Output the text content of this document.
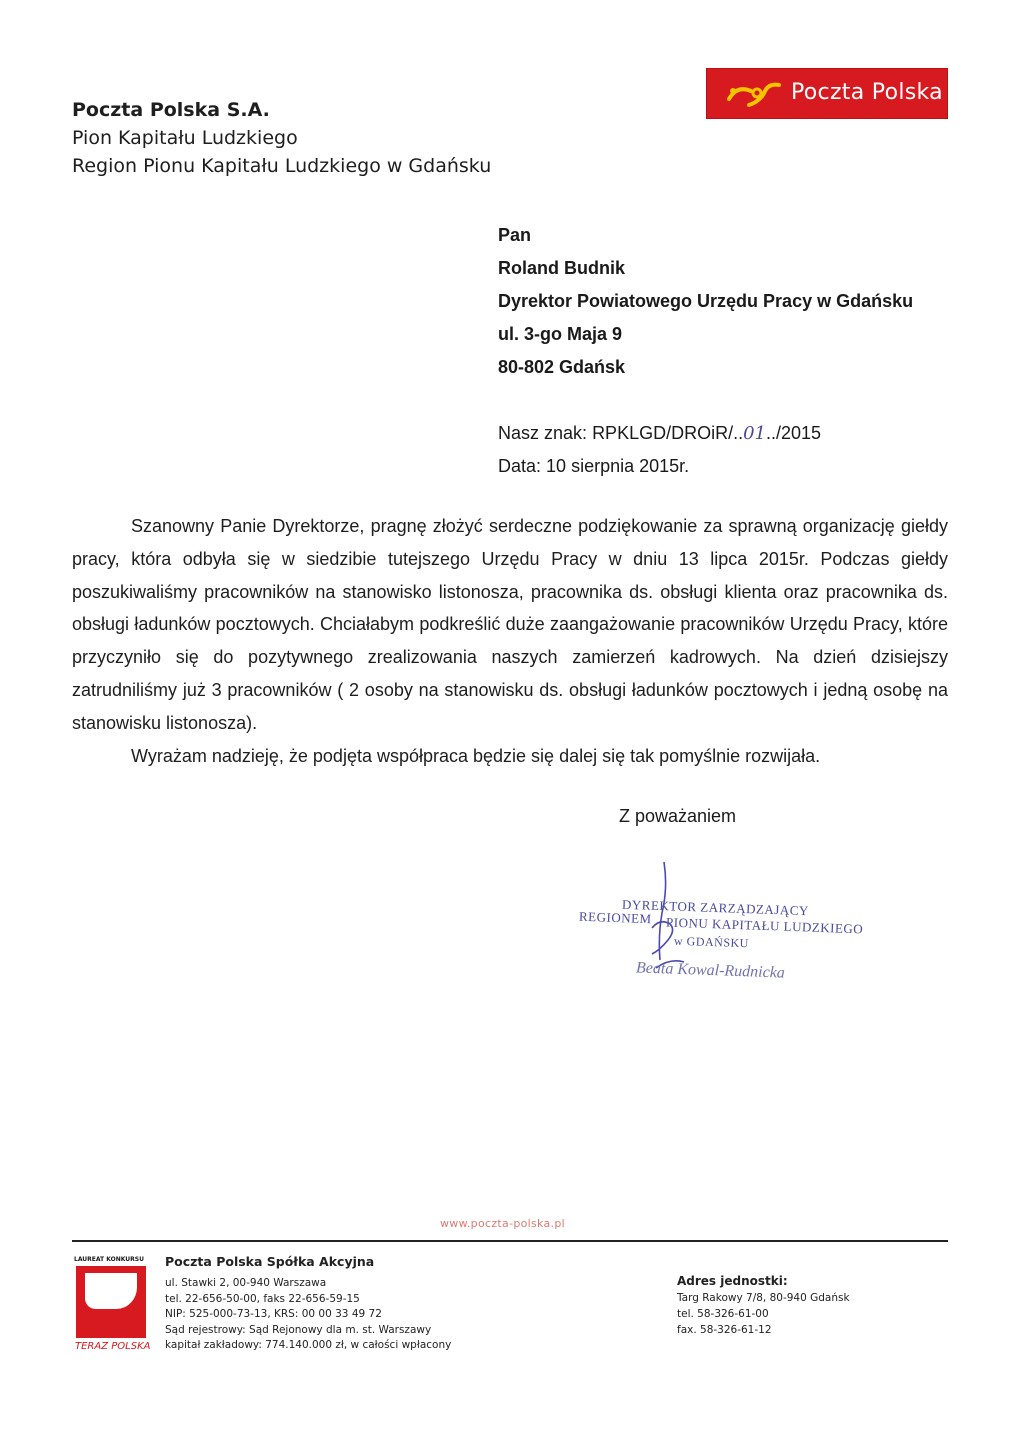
Poczta Polska S.A.
Pion Kapitału Ludzkiego
Region Pionu Kapitału Ludzkiego w Gdańsku
Poczta Polska
Pan
Roland Budnik
Dyrektor Powiatowego Urzędu Pracy w Gdańsku
ul. 3-go Maja 9
80-802 Gdańsk
Nasz znak: RPKLGD/DROiR/..01../2015
Data: 10 sierpnia 2015r.

Szanowny Panie Dyrektorze, pragnę złożyć serdeczne podziękowanie za sprawną organizację giełdy pracy, która odbyła się w siedzibie tutejszego Urzędu Pracy w dniu 13 lipca 2015r. Podczas giełdy poszukiwaliśmy pracowników na stanowisko listonosza, pracownika ds. obsługi klienta oraz pracownika ds. obsługi ładunków pocztowych. Chciałabym podkreślić duże zaangażowanie pracowników Urzędu Pracy, które przyczyniło się do pozytywnego zrealizowania naszych zamierzeń kadrowych. Na dzień dzisiejszy zatrudniliśmy już 3 pracowników ( 2 osoby na stanowisku ds. obsługi ładunków pocztowych i jedną osobę na stanowisku listonosza).

Wyrażam nadzieję, że podjęta współpraca będzie się dalej się tak pomyślnie rozwijała.

Z poważaniem
DYREKTOR ZARZĄDZAJĄCY
REGIONEM PIONU KAPITAŁU LUDZKIEGO
w GDAŃSKU
Beata Kowal-Rudnicka
www.poczta-polska.pl
LAUREAT KONKURSU
TERAZ POLSKA
Poczta Polska Spółka Akcyjna
ul. Stawki 2, 00-940 Warszawa
tel. 22-656-50-00, faks 22-656-59-15
NIP: 525-000-73-13, KRS: 00 00 33 49 72
Sąd rejestrowy: Sąd Rejonowy dla m. st. Warszawy
kapitał zakładowy: 774.140.000 zł, w całości wpłacony
Adres jednostki:
Targ Rakowy 7/8, 80-940 Gdańsk
tel. 58-326-61-00
fax. 58-326-61-12
